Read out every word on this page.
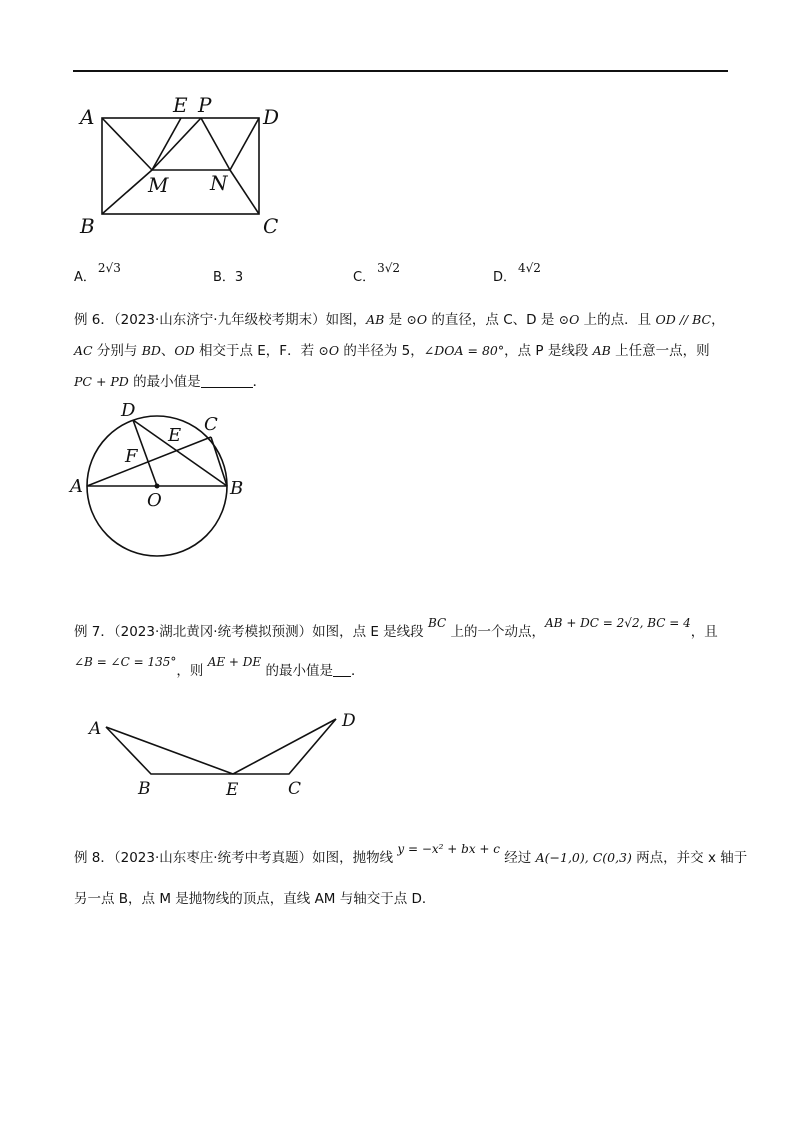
A	E P	D
M N
B	C
A．2√3
B．3	C．3√2
D．4√2
例 6．（2023·山东济宁·九年级校考期末）如图，AB 是 ⊙O 的直径，点 C、D 是 ⊙O 上的点．且 OD // BC，
AC 分别与 BD、OD 相交于点 E，F．若 ⊙O 的半径为 5，∠DOA = 80°，点 P 是线段 AB 上任意一点，则
PC + PD 的最小值是	．
D
C
E
F
A
O
B
例 7．（2023·湖北黄冈·统考模拟预测）如图，点 E 是线段 BC 上的一个动点，AB + DC = 2√2, BC = 4，且
∠B = ∠C = 135°，则 AE + DE 的最小值是 ．
A	D
B	E	C
例 8．（2023·山东枣庄·统考中考真题）如图，抛物线 y = −x² + bx + c 经过 A(−1,0), C(0,3) 两点，并交 x 轴于
另一点 B，点 M 是抛物线的顶点，直线 AM 与轴交于点 D．
